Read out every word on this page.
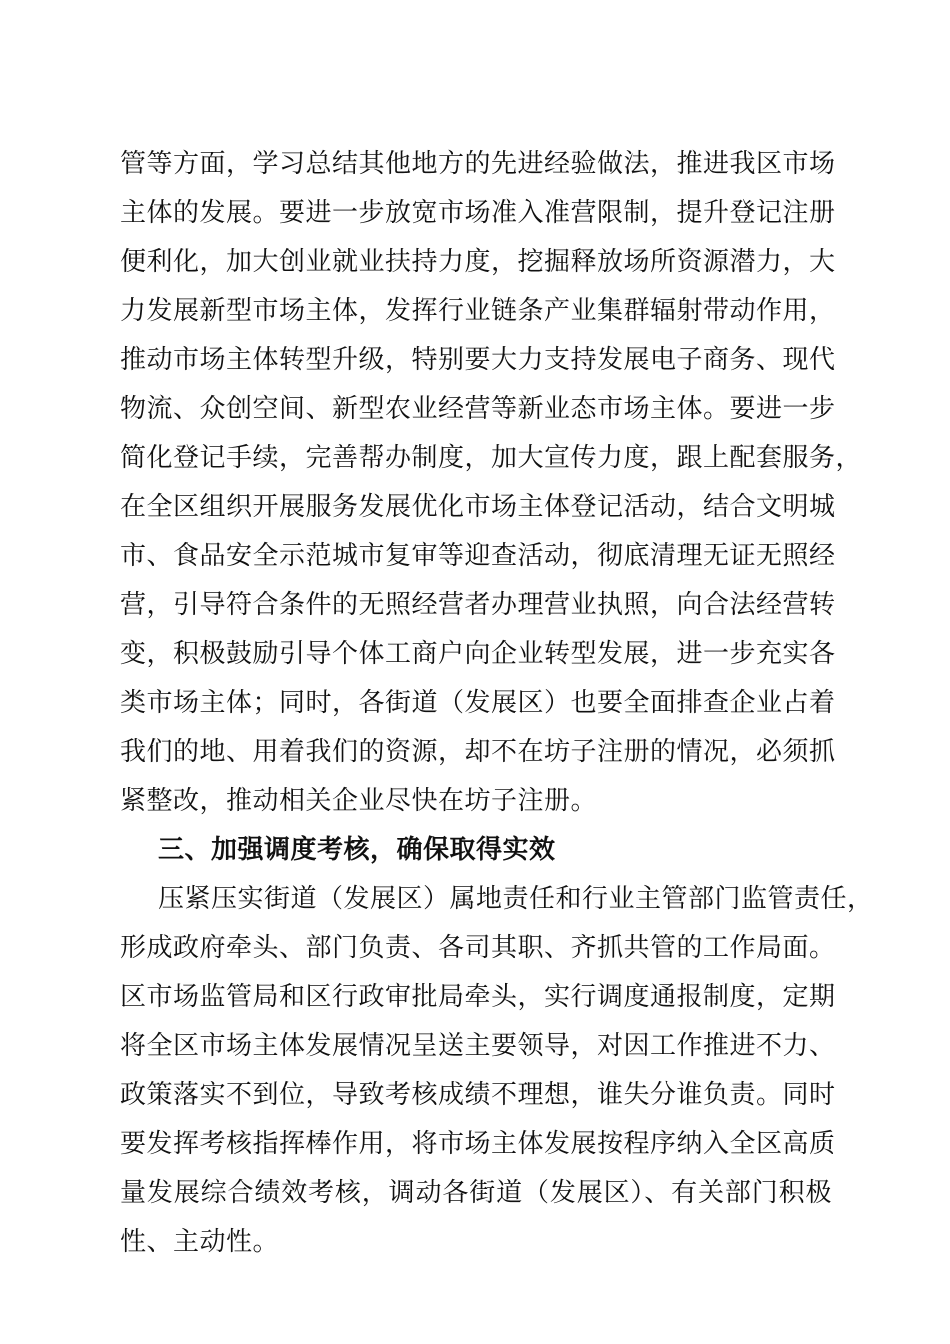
管等方面，学习总结其他地方的先进经验做法，推进我区市场
主体的发展。要进一步放宽市场准入准营限制，提升登记注册
便利化，加大创业就业扶持力度，挖掘释放场所资源潜力，大
力发展新型市场主体，发挥行业链条产业集群辐射带动作用，
推动市场主体转型升级，特别要大力支持发展电子商务、现代
物流、众创空间、新型农业经营等新业态市场主体。要进一步
简化登记手续，完善帮办制度，加大宣传力度，跟上配套服务，
在全区组织开展服务发展优化市场主体登记活动，结合文明城
市、食品安全示范城市复审等迎查活动，彻底清理无证无照经
营，引导符合条件的无照经营者办理营业执照，向合法经营转
变，积极鼓励引导个体工商户向企业转型发展，进一步充实各
类市场主体；同时，各街道（发展区）也要全面排查企业占着
我们的地、用着我们的资源，却不在坊子注册的情况，必须抓
紧整改，推动相关企业尽快在坊子注册。
三、加强调度考核，确保取得实效
压紧压实街道（发展区）属地责任和行业主管部门监管责任，
形成政府牵头、部门负责、各司其职、齐抓共管的工作局面。
区市场监管局和区行政审批局牵头，实行调度通报制度，定期
将全区市场主体发展情况呈送主要领导，对因工作推进不力、
政策落实不到位，导致考核成绩不理想，谁失分谁负责。同时
要发挥考核指挥棒作用，将市场主体发展按程序纳入全区高质
量发展综合绩效考核，调动各街道（发展区）、有关部门积极
性、主动性。
